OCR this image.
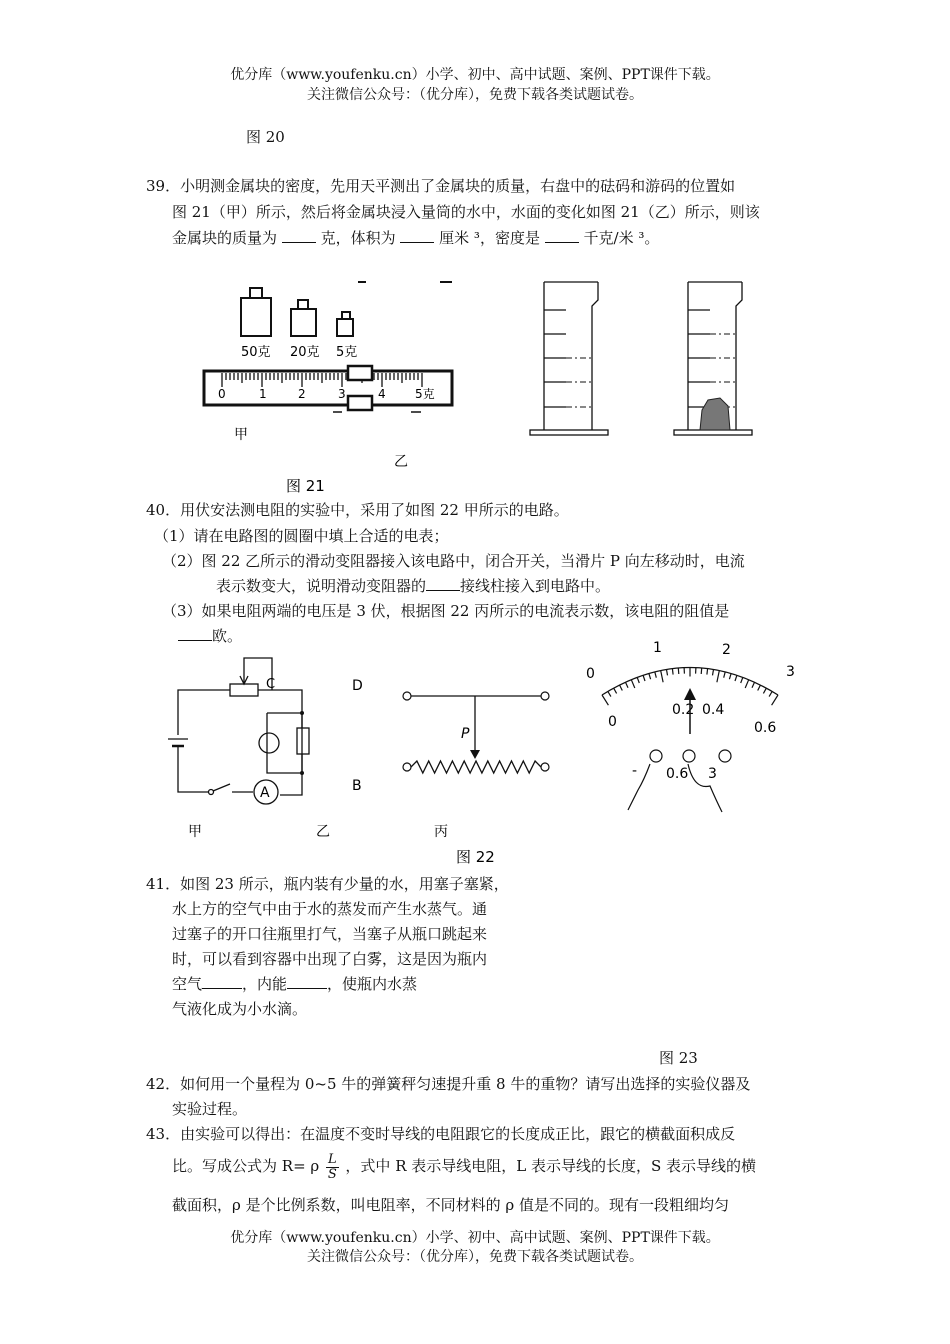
优分库（www.youfenku.cn）小学、初中、高中试题、案例、PPT课件下载。
关注微信公众号：（优分库），免费下载各类试题试卷。
图 20
39．小明测金属块的密度，先用天平测出了金属块的质量，右盘中的砝码和游码的位置如
图 21（甲）所示，然后将金属块浸入量筒的水中，水面的变化如图 21（乙）所示，则该
金属块的质量为	克，体积为	厘米 ³，密度是	千克/米 ³。
50克 20克 5克
0	1	2	3	4 5克
甲
乙
图 21
40．用伏安法测电阻的实验中，采用了如图 22 甲所示的电路。
（1）请在电路图的圆圈中填上合适的电表；
（2）图 22 乙所示的滑动变阻器接入该电路中，闭合开关，当滑片 P 向左移动时，电流
表示数变大，说明滑动变阻器的 接线柱接入到电路中。
（3）如果电阻两端的电压是 3 伏，根据图 22 丙所示的电流表示数，该电阻的阻值是
欧。
A
C	D
B
P
0
1	2
3
0
0.2 0.4
0.6
- 0.6 3
甲	乙	丙
图 22
41．如图 23 所示，瓶内装有少量的水，用塞子塞紧，
水上方的空气中由于水的蒸发而产生水蒸气。通
过塞子的开口往瓶里打气，当塞子从瓶口跳起来
时，可以看到容器中出现了白雾，这是因为瓶内
空气	，内能	，使瓶内水蒸
气液化成为小水滴。
图 23
42．如何用一个量程为 0~5 牛的弹簧秤匀速提升重 8 牛的重物？请写出选择的实验仪器及
实验过程。
43．由实验可以得出：在温度不变时导线的电阻跟它的长度成正比，跟它的横截面积成反
比。写成公式为 R= ρ $\frac{L}{S}$ ，式中 R 表示导线电阻，L 表示导线的长度，S 表示导线的横
截面积，ρ 是个比例系数，叫电阻率，不同材料的 ρ 值是不同的。现有一段粗细均匀
优分库（www.youfenku.cn）小学、初中、高中试题、案例、PPT课件下载。
关注微信公众号：（优分库），免费下载各类试题试卷。
